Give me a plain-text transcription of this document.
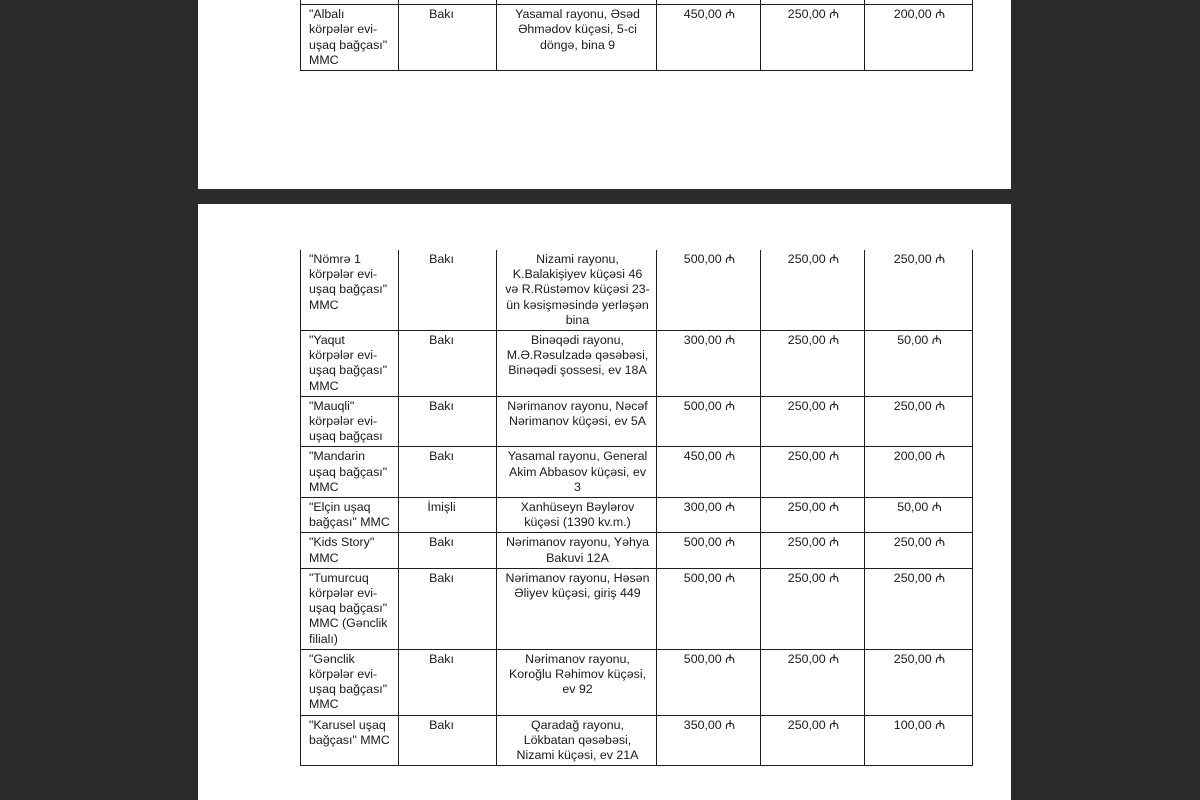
"Albalı körpələr evi-uşaq bağçası" MMC	Bakı	Yasamal rayonu, Əsəd Əhmədov küçəsi, 5-ci döngə, bina 9	450,00 ₼	250,00 ₼	200,00 ₼
"Nömrə 1 körpələr evi-uşaq bağçası" MMC	Bakı	Nizami rayonu, K.Balakişiyev küçəsi 46 və R.Rüstəmov küçəsi 23-ün kəsişməsində yerləşən bina	500,00 ₼	250,00 ₼	250,00 ₼
"Yaqut körpələr evi-uşaq bağçası" MMC	Bakı	Binəqədi rayonu, M.Ə.Rəsulzadə qəsəbəsi, Binəqədi şossesi, ev 18A	300,00 ₼	250,00 ₼	50,00 ₼
"Mauqli" körpələr evi-uşaq bağçası	Bakı	Nərimanov rayonu, Nəcəf Nərimanov küçəsi, ev 5A	500,00 ₼	250,00 ₼	250,00 ₼
"Mandarin uşaq bağçası" MMC	Bakı	Yasamal rayonu, General Akim Abbasov küçəsi, ev 3	450,00 ₼	250,00 ₼	200,00 ₼
"Elçin uşaq bağçası" MMC	İmişli	Xanhüseyn Bəylərov küçəsi (1390 kv.m.)	300,00 ₼	250,00 ₼	50,00 ₼
"Kids Story" MMC	Bakı	Nərimanov rayonu, Yəhya Bakuvi 12A	500,00 ₼	250,00 ₼	250,00 ₼
"Tumurcuq körpələr evi-uşaq bağçası" MMC (Gənclik filialı)	Bakı	Nərimanov rayonu, Həsən Əliyev küçəsi, giriş 449	500,00 ₼	250,00 ₼	250,00 ₼
"Gənclik körpələr evi-uşaq bağçası" MMC	Bakı	Nərimanov rayonu, Koroğlu Rəhimov küçəsi, ev 92	500,00 ₼	250,00 ₼	250,00 ₼
"Karusel uşaq bağçası" MMC	Bakı	Qaradağ rayonu, Lökbatan qəsəbəsi, Nizami küçəsi, ev 21A	350,00 ₼	250,00 ₼	100,00 ₼
